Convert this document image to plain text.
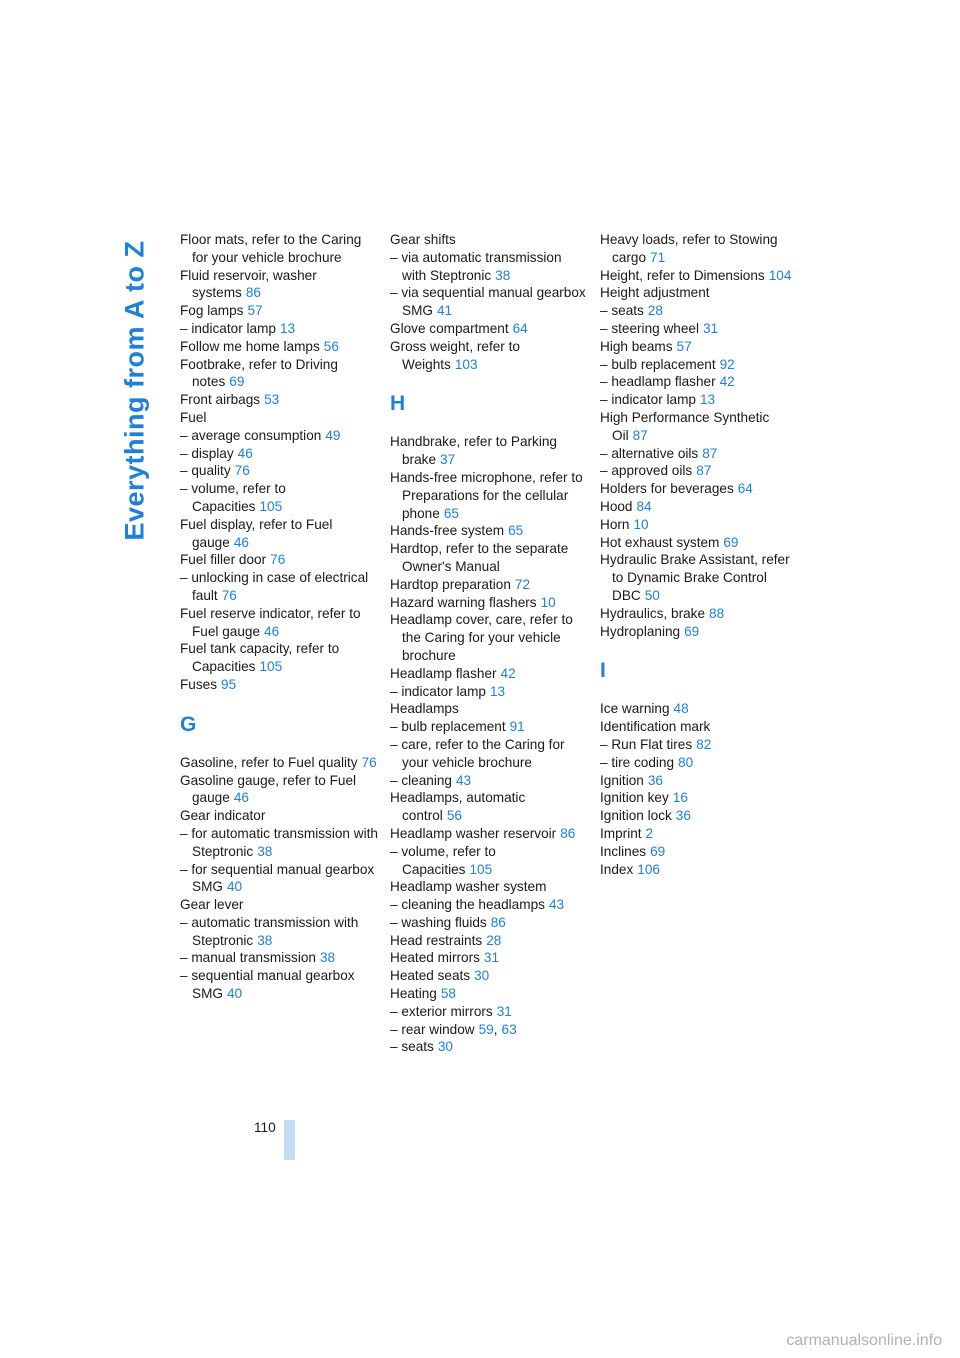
Everything from A to Z
Floor mats, refer to the Caring for your vehicle brochure
Fluid reservoir, washer systems 86
Fog lamps 57
– indicator lamp 13
Follow me home lamps 56
Footbrake, refer to Driving notes 69
Front airbags 53
Fuel
– average consumption 49
– display 46
– quality 76
– volume, refer to Capacities 105
Fuel display, refer to Fuel gauge 46
Fuel filler door 76
– unlocking in case of electrical fault 76
Fuel reserve indicator, refer to Fuel gauge 46
Fuel tank capacity, refer to Capacities 105
Fuses 95
G
Gasoline, refer to Fuel quality 76
Gasoline gauge, refer to Fuel gauge 46
Gear indicator
– for automatic transmission with Steptronic 38
– for sequential manual gearbox SMG 40
Gear lever
– automatic transmission with Steptronic 38
– manual transmission 38
– sequential manual gearbox SMG 40
Gear shifts
– via automatic transmission with Steptronic 38
– via sequential manual gearbox SMG 41
Glove compartment 64
Gross weight, refer to Weights 103
H
Handbrake, refer to Parking brake 37
Hands-free microphone, refer to Preparations for the cellular phone 65
Hands-free system 65
Hardtop, refer to the separate Owner's Manual
Hardtop preparation 72
Hazard warning flashers 10
Headlamp cover, care, refer to the Caring for your vehicle brochure
Headlamp flasher 42
– indicator lamp 13
Headlamps
– bulb replacement 91
– care, refer to the Caring for your vehicle brochure
– cleaning 43
Headlamps, automatic control 56
Headlamp washer reservoir 86
– volume, refer to Capacities 105
Headlamp washer system
– cleaning the headlamps 43
– washing fluids 86
Head restraints 28
Heated mirrors 31
Heated seats 30
Heating 58
– exterior mirrors 31
– rear window 59, 63
– seats 30
Heavy loads, refer to Stowing cargo 71
Height, refer to Dimensions 104
Height adjustment
– seats 28
– steering wheel 31
High beams 57
– bulb replacement 92
– headlamp flasher 42
– indicator lamp 13
High Performance Synthetic Oil 87
– alternative oils 87
– approved oils 87
Holders for beverages 64
Hood 84
Horn 10
Hot exhaust system 69
Hydraulic Brake Assistant, refer to Dynamic Brake Control DBC 50
Hydraulics, brake 88
Hydroplaning 69
I
Ice warning 48
Identification mark
– Run Flat tires 82
– tire coding 80
Ignition 36
Ignition key 16
Ignition lock 36
Imprint 2
Inclines 69
Index 106
110
carmanualsonline.info
